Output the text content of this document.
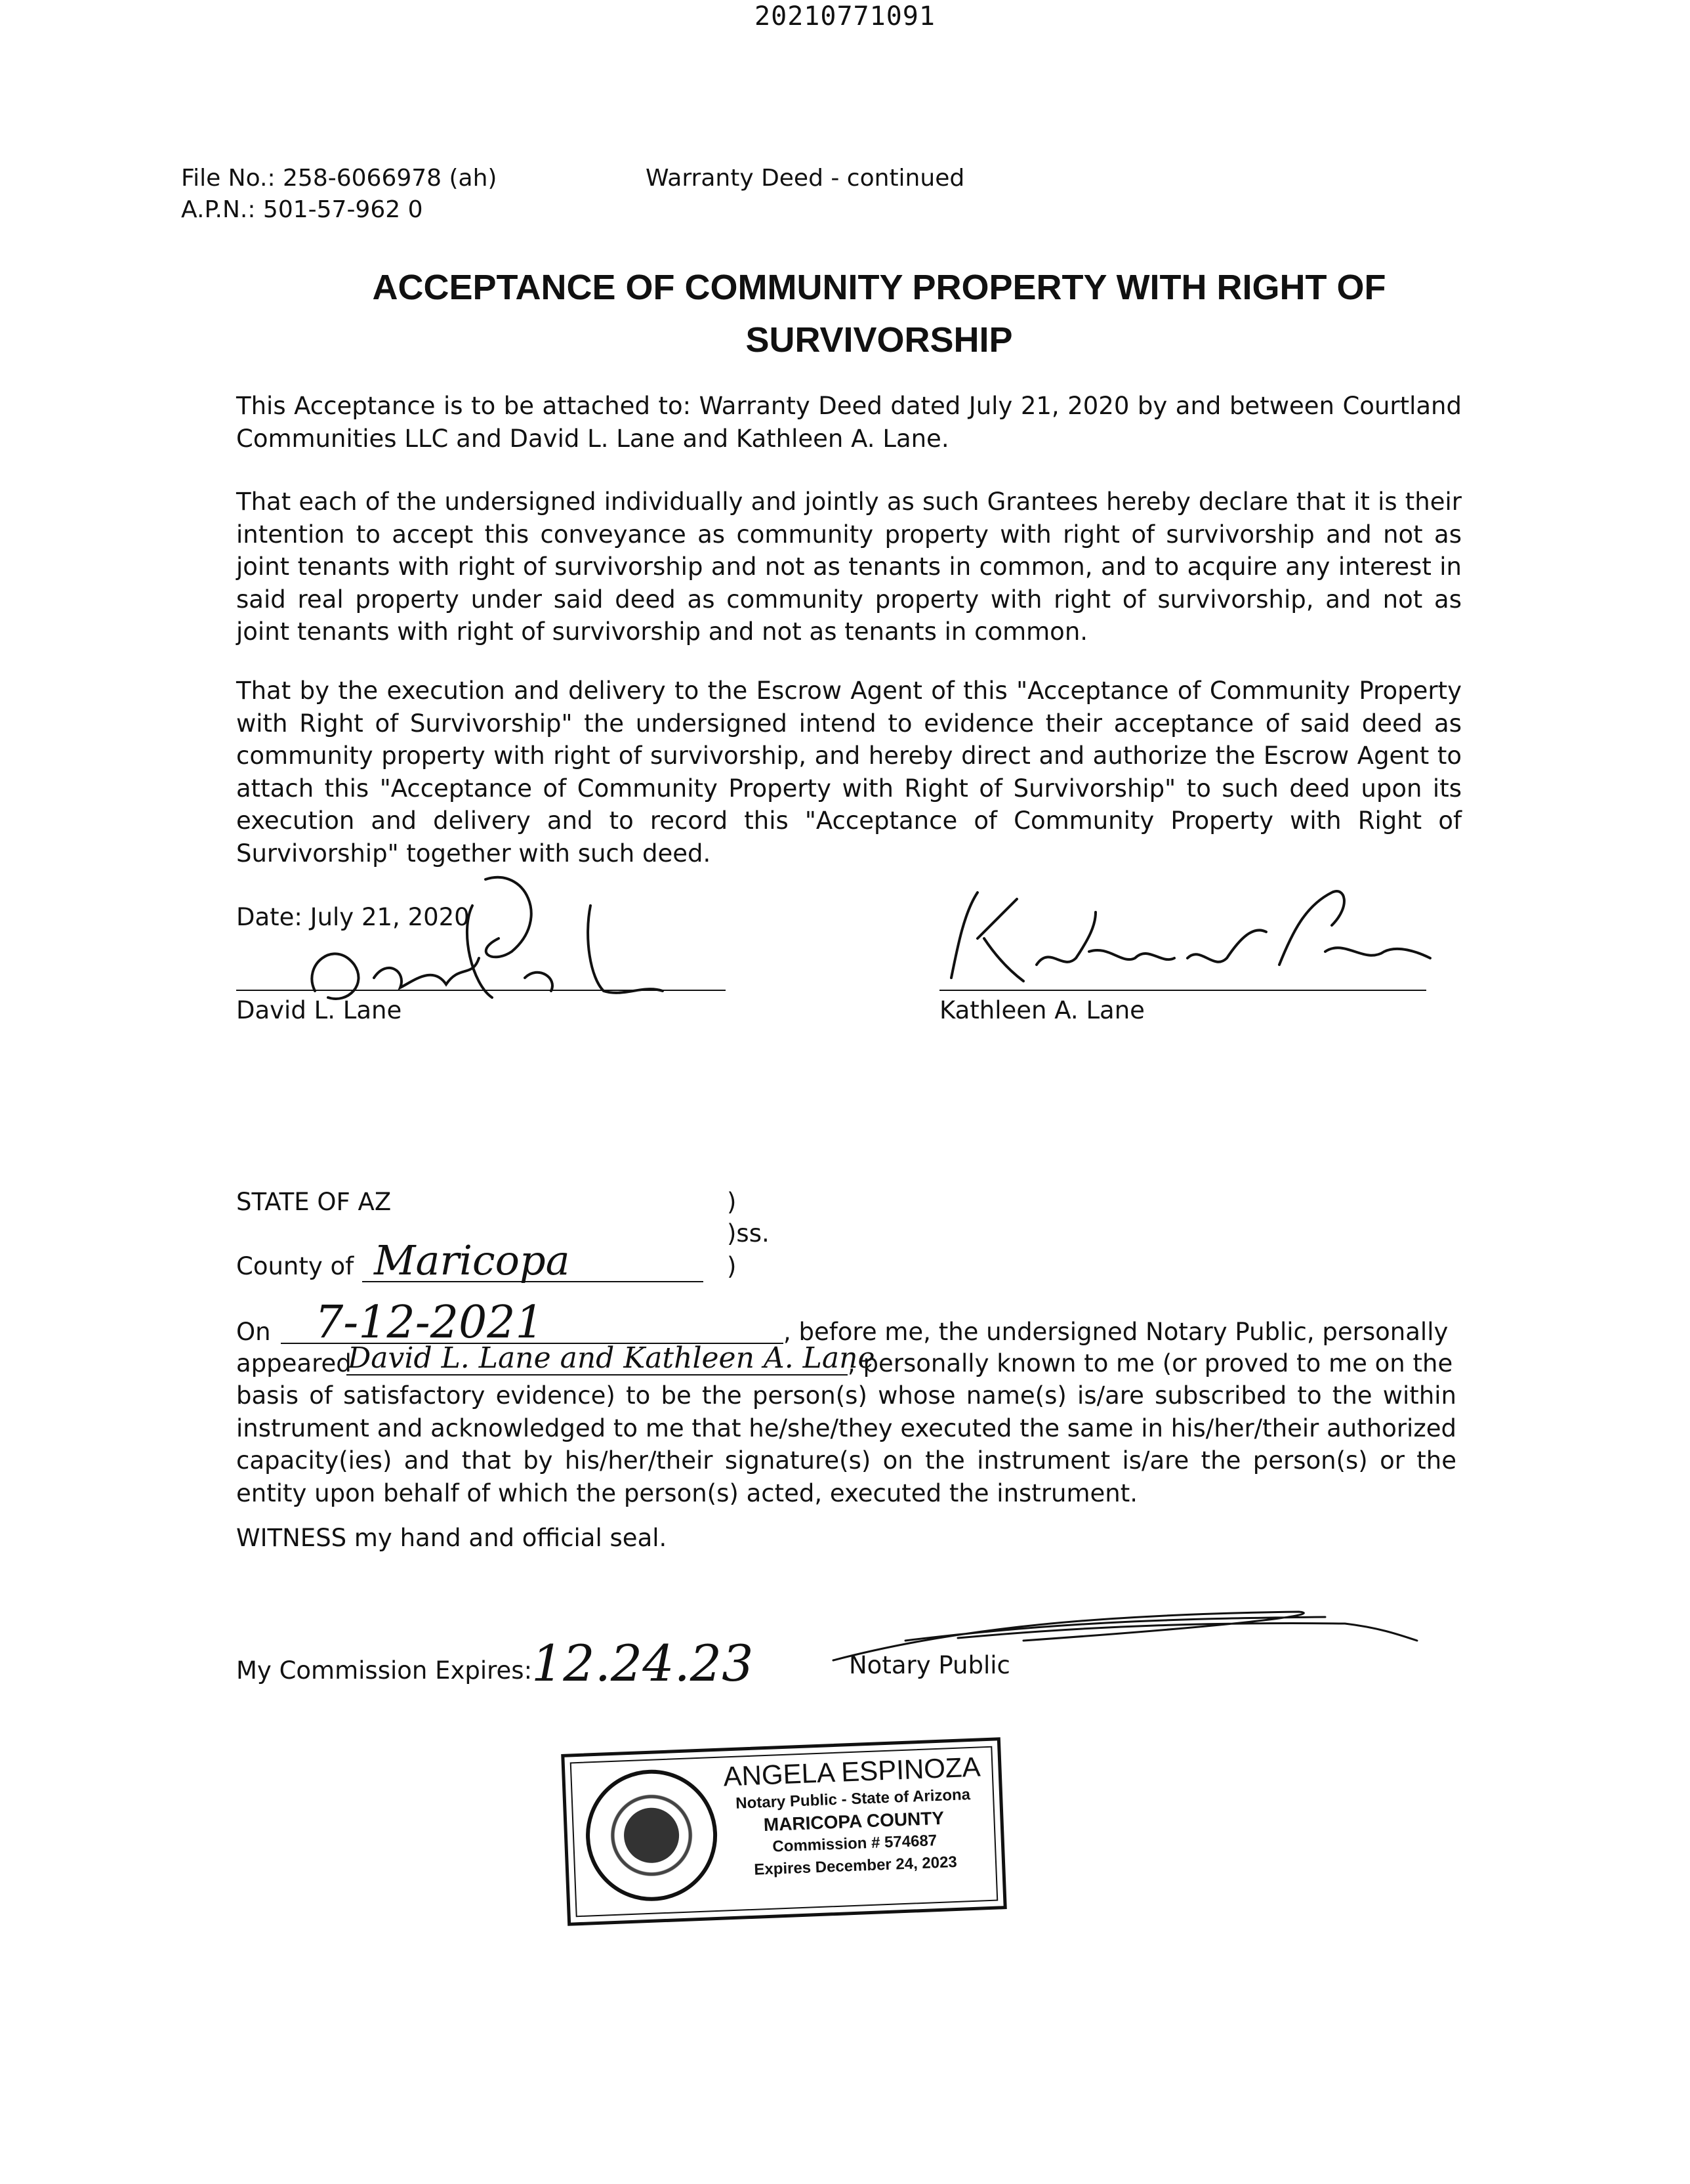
20210771091
File No.: 258-6066978 (ah)
A.P.N.: 501-57-962 0
Warranty Deed - continued
ACCEPTANCE OF COMMUNITY PROPERTY WITH RIGHT OF
SURVIVORSHIP

This Acceptance is to be attached to: Warranty Deed dated July 21, 2020 by and between Courtland Communities LLC and David L. Lane and Kathleen A. Lane.

That each of the undersigned individually and jointly as such Grantees hereby declare that it is their intention to accept this conveyance as community property with right of survivorship and not as joint tenants with right of survivorship and not as tenants in common, and to acquire any interest in said real property under said deed as community property with right of survivorship, and not as joint tenants with right of survivorship and not as tenants in common.

That by the execution and delivery to the Escrow Agent of this "Acceptance of Community Property with Right of Survivorship" the undersigned intend to evidence their acceptance of said deed as community property with right of survivorship, and hereby direct and authorize the Escrow Agent to attach this "Acceptance of Community Property with Right of Survivorship" to such deed upon its execution and delivery and to record this "Acceptance of Community Property with Right of Survivorship" together with such deed.

Date: July 21, 2020
David L. Lane	Kathleen A. Lane
STATE OF AZ	)
)ss.
County of Maricopa	)
On 7-12-2021	, before me, the undersigned Notary Public, personally
appeared
David L. Lane and Kathleen A. Lane
, personally known to me (or proved to me on the

basis of satisfactory evidence) to be the person(s) whose name(s) is/are subscribed to the within instrument and acknowledged to me that he/she/they executed the same in his/her/their authorized capacity(ies) and that by his/her/their signature(s) on the instrument is/are the person(s) or the entity upon behalf of which the person(s) acted, executed the instrument.

WITNESS my hand and official seal.
My Commission Expires:
12.24.23	Notary Public
ANGELA ESPINOZA
Notary Public - State of Arizona
MARICOPA COUNTY
Commission # 574687
Expires December 24, 2023
